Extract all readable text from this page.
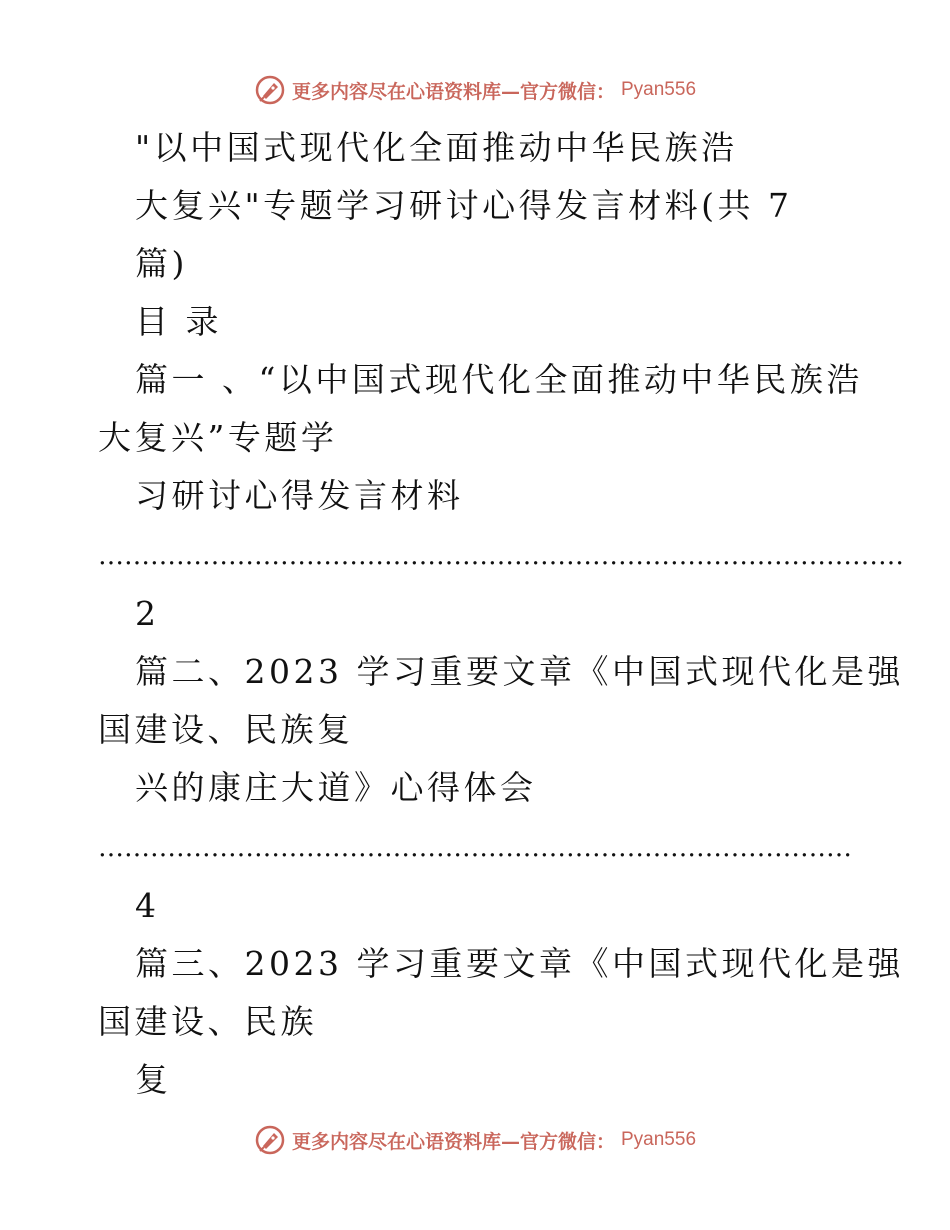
更多内容尽在心语资料库—官方微信： Pyan556
"以中国式现代化全面推动中华民族浩
大复兴"专题学习研讨心得发言材料(共 7
篇)
目 录
篇一 、“以中国式现代化全面推动中华民族浩
大复兴”专题学
习研讨心得发言材料
…………………………………………………………………………………
2
篇二、2023 学习重要文章《中国式现代化是强
国建设、民族复
兴的康庄大道》心得体会
……………………………………………………………………………
4
篇三、2023 学习重要文章《中国式现代化是强
国建设、民族
复
更多内容尽在心语资料库—官方微信： Pyan556
